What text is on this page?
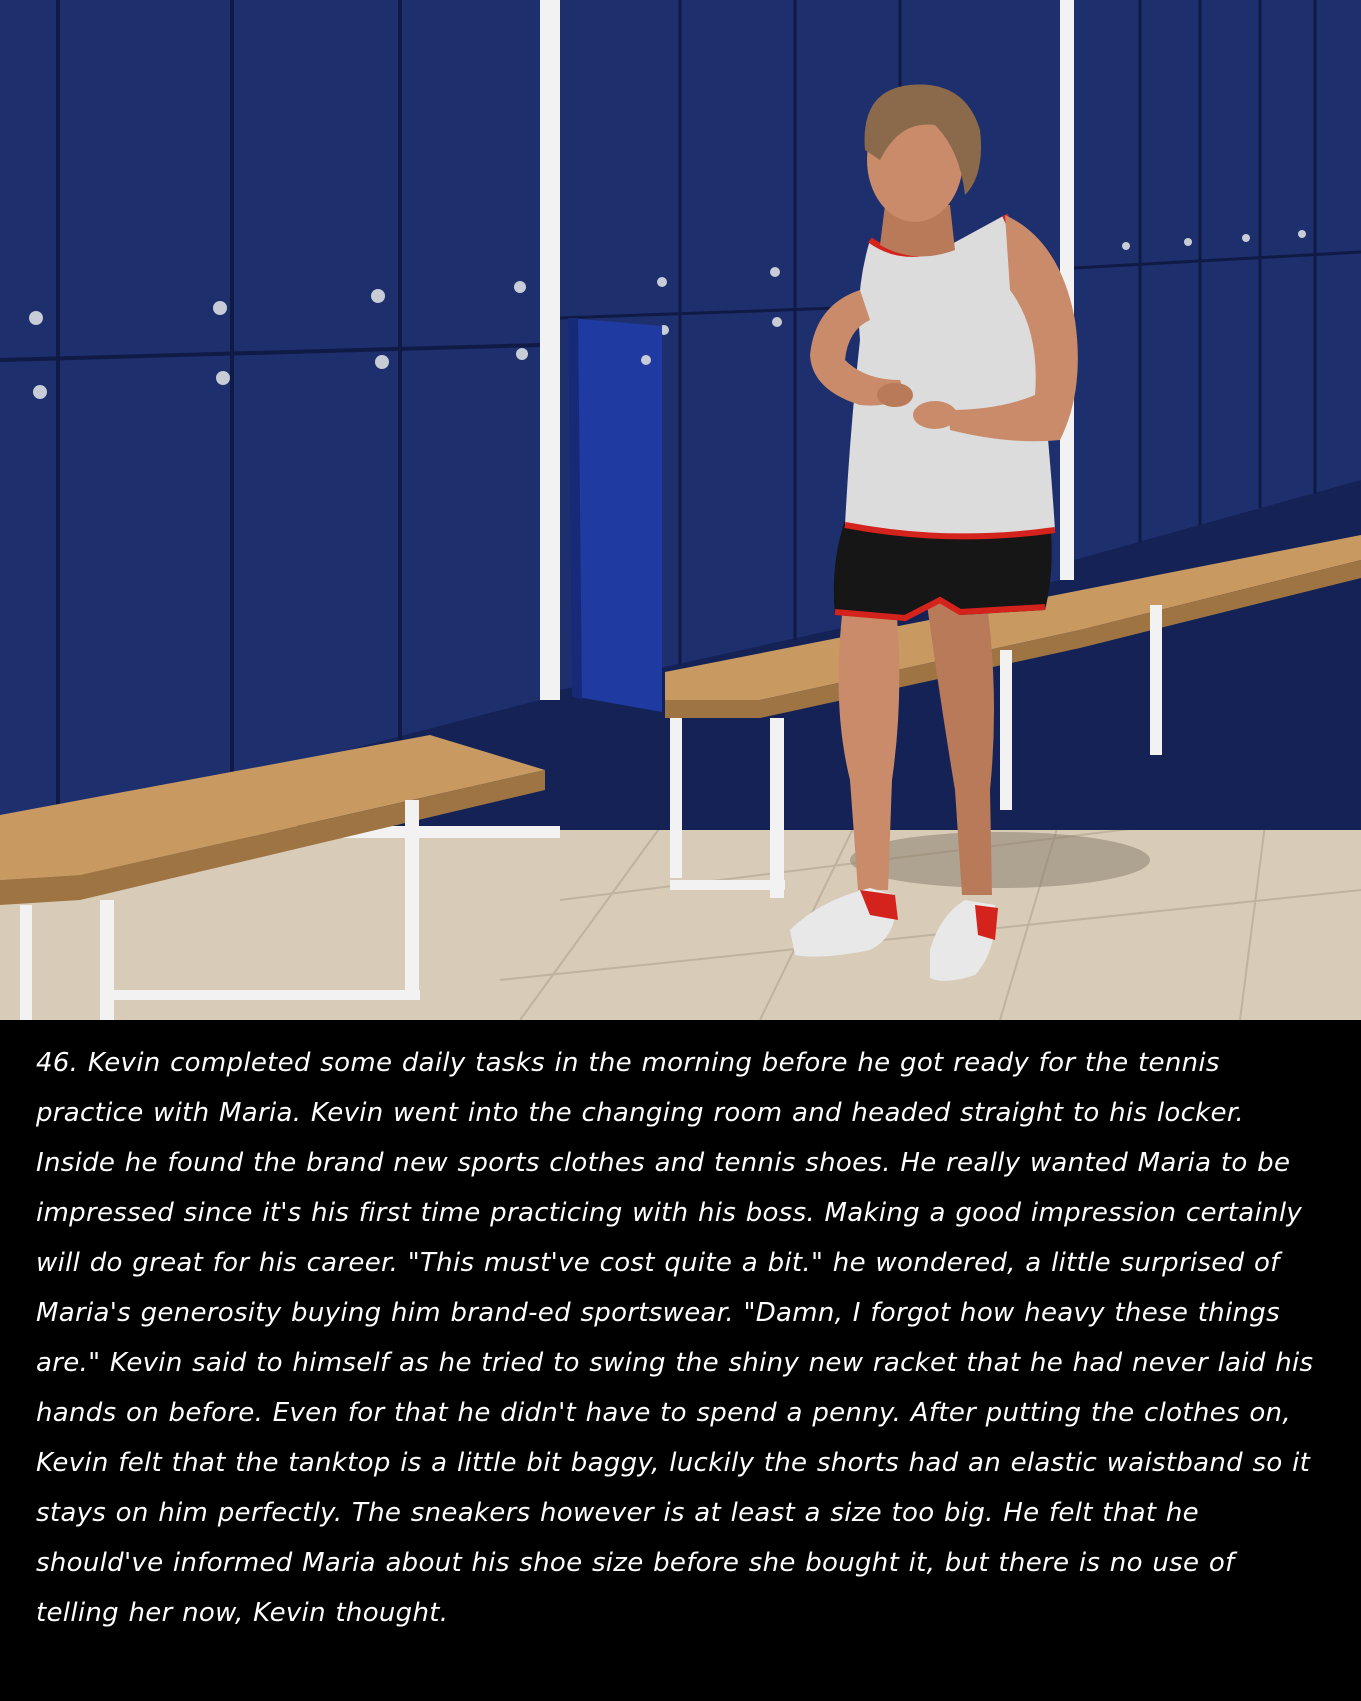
46. Kevin completed some daily tasks in the morning before he got ready for the tennis practice with Maria. Kevin went into the changing room and headed straight to his locker. Inside he found the brand new sports clothes and tennis shoes. He really wanted Maria to be impressed since it's his first time practicing with his boss. Making a good impression certainly will do great for his career. "This must've cost quite a bit." he wondered, a little surprised of Maria's generosity buying him brand-ed sportswear. "Damn, I forgot how heavy these things are." Kevin said to himself as he tried to swing the shiny new racket that he had never laid his hands on before. Even for that he didn't have to spend a penny. After putting the clothes on, Kevin felt that the tanktop is a little bit baggy, luckily the shorts had an elastic waistband so it stays on him perfectly. The sneakers however is at least a size too big. He felt that he should've informed Maria about his shoe size before she bought it, but there is no use of telling her now, Kevin thought.
